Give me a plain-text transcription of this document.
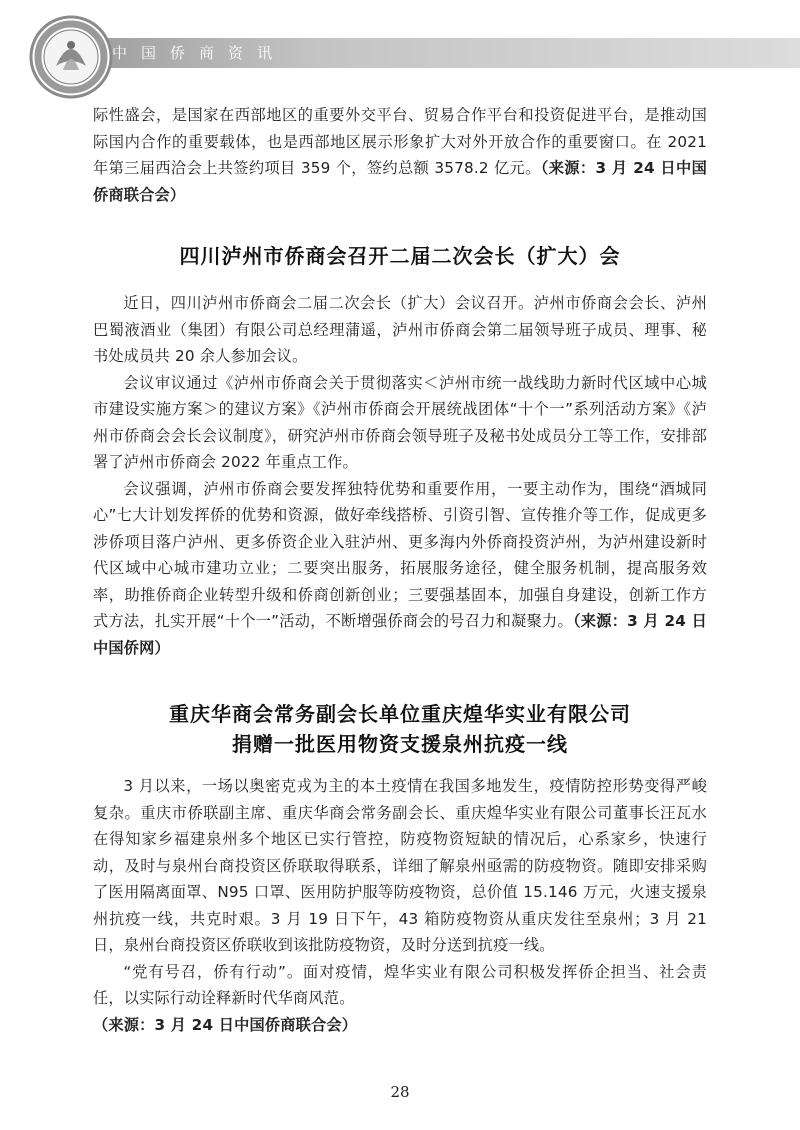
中国侨商资讯

际性盛会，是国家在西部地区的重要外交平台、贸易合作平台和投资促进平台，是推动国际国内合作的重要载体，也是西部地区展示形象扩大对外开放合作的重要窗口。在 2021 年第三届西洽会上共签约项目 359 个，签约总额 3578.2 亿元。（来源：3 月 24 日中国侨商联合会）

四川泸州市侨商会召开二届二次会长（扩大）会

近日，四川泸州市侨商会二届二次会长（扩大）会议召开。泸州市侨商会会长、泸州巴蜀液酒业（集团）有限公司总经理蒲遥，泸州市侨商会第二届领导班子成员、理事、秘书处成员共 20 余人参加会议。

会议审议通过《泸州市侨商会关于贯彻落实＜泸州市统一战线助力新时代区域中心城市建设实施方案＞的建议方案》《泸州市侨商会开展统战团体“十个一”系列活动方案》《泸州市侨商会会长会议制度》，研究泸州市侨商会领导班子及秘书处成员分工等工作，安排部署了泸州市侨商会 2022 年重点工作。

会议强调，泸州市侨商会要发挥独特优势和重要作用，一要主动作为，围绕“酒城同心”七大计划发挥侨的优势和资源，做好牵线搭桥、引资引智、宣传推介等工作，促成更多涉侨项目落户泸州、更多侨资企业入驻泸州、更多海内外侨商投资泸州，为泸州建设新时代区域中心城市建功立业；二要突出服务，拓展服务途径，健全服务机制，提高服务效率，助推侨商企业转型升级和侨商创新创业；三要强基固本，加强自身建设，创新工作方式方法，扎实开展“十个一”活动，不断增强侨商会的号召力和凝聚力。（来源：3 月 24 日中国侨网）

重庆华商会常务副会长单位重庆煌华实业有限公司
捐赠一批医用物资支援泉州抗疫一线

3 月以来，一场以奥密克戎为主的本土疫情在我国多地发生，疫情防控形势变得严峻复杂。重庆市侨联副主席、重庆华商会常务副会长、重庆煌华实业有限公司董事长汪瓦水在得知家乡福建泉州多个地区已实行管控，防疫物资短缺的情况后，心系家乡，快速行动，及时与泉州台商投资区侨联取得联系，详细了解泉州亟需的防疫物资。随即安排采购了医用隔离面罩、N95 口罩、医用防护服等防疫物资，总价值 15.146 万元，火速支援泉州抗疫一线，共克时艰。3 月 19 日下午，43 箱防疫物资从重庆发往至泉州；3 月 21 日，泉州台商投资区侨联收到该批防疫物资，及时分送到抗疫一线。

“党有号召，侨有行动”。面对疫情，煌华实业有限公司积极发挥侨企担当、社会责任，以实际行动诠释新时代华商风范。

（来源：3 月 24 日中国侨商联合会）

28
